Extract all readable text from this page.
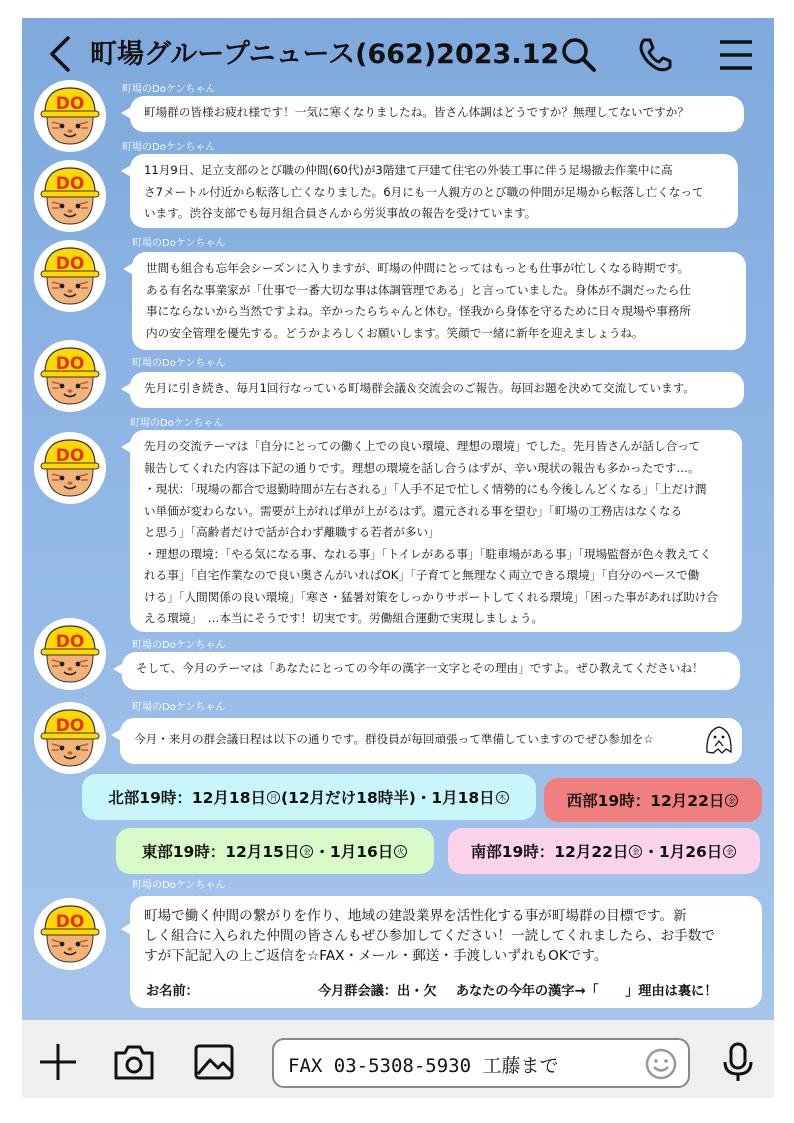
町場グループニュース(662)2023.12
DO
町場のDoケンちゃん
町場群の皆様お疲れ様です！一気に寒くなりましたね。皆さん体調はどうですか？無理してないですか？
DO
町場のDoケンちゃん
11月9日、足立支部のとび職の仲間(60代)が3階建て戸建て住宅の外装工事に伴う足場撤去作業中に高
さ7メートル付近から転落し亡くなりました。6月にも一人親方のとび職の仲間が足場から転落し亡くなって
います。渋谷支部でも毎月組合員さんから労災事故の報告を受けています。
DO
町場のDoケンちゃん
世間も組合も忘年会シーズンに入りますが、町場の仲間にとってはもっとも仕事が忙しくなる時期です。
ある有名な事業家が「仕事で一番大切な事は体調管理である」と言っていました。身体が不調だったら仕
事にならないから当然ですよね。辛かったらちゃんと休む。怪我から身体を守るために日々現場や事務所
内の安全管理を優先する。どうかよろしくお願いします。笑顔で一緒に新年を迎えましょうね。
DO	町場のDoケンちゃん
先月に引き続き、毎月1回行なっている町場群会議＆交流会のご報告。毎回お題を決めて交流しています。
DO
町場のDoケンちゃん
先月の交流テーマは「自分にとっての働く上での良い環境、理想の環境」でした。先月皆さんが話し合って
報告してくれた内容は下記の通りです。理想の環境を話し合うはずが、辛い現状の報告も多かったです…。
・現状：「現場の都合で退勤時間が左右される」「人手不足で忙しく情勢的にも今後しんどくなる」「上だけ潤
い単価が変わらない。需要が上がれば単が上がるはず。還元される事を望む」「町場の工務店はなくなる
と思う」「高齢者だけで話が合わず離職する若者が多い」
・理想の環境：「やる気になる事、なれる事」「トイレがある事」「駐車場がある事」「現場監督が色々教えてく
れる事」「自宅作業なので良い奥さんがいればOK」「子育てと無理なく両立できる環境」「自分のペースで働
ける」「人間関係の良い環境」「寒さ・猛暑対策をしっかりサポートしてくれる環境」「困った事があれば助け合
える環境」　…本当にそうです！切実です。労働組合運動で実現しましょう。
DO	町場のDoケンちゃん
そして、今月のテーマは「あなたにとっての今年の漢字一文字とその理由」ですよ。ぜひ教えてくださいね！
DO
町場のDoケンちゃん
今月・来月の群会議日程は以下の通りです。群役員が毎回頑張って準備していますのでぜひ参加を☆
北部19時：12月18日 月 (12月だけ18時半)・1月18日 木	西部19時：12月22日 金
東部19時：12月15日 金 ・1月16日 火	南部19時：12月22日 金 ・1月26日 金
DO
町場のDoケンちゃん
町場で働く仲間の繋がりを作り、地域の建設業界を活性化する事が町場群の目標です。新
しく組合に入られた仲間の皆さんもぜひ参加してください！一読してくれましたら、お手数で
すが下記記入の上ご返信を☆FAX・メール・郵送・手渡しいずれもOKです。
お名前：	今月群会議：出・欠 あなたの今年の漢字→「　　」理由は裏に！
FAX 03-5308-5930 工藤まで
